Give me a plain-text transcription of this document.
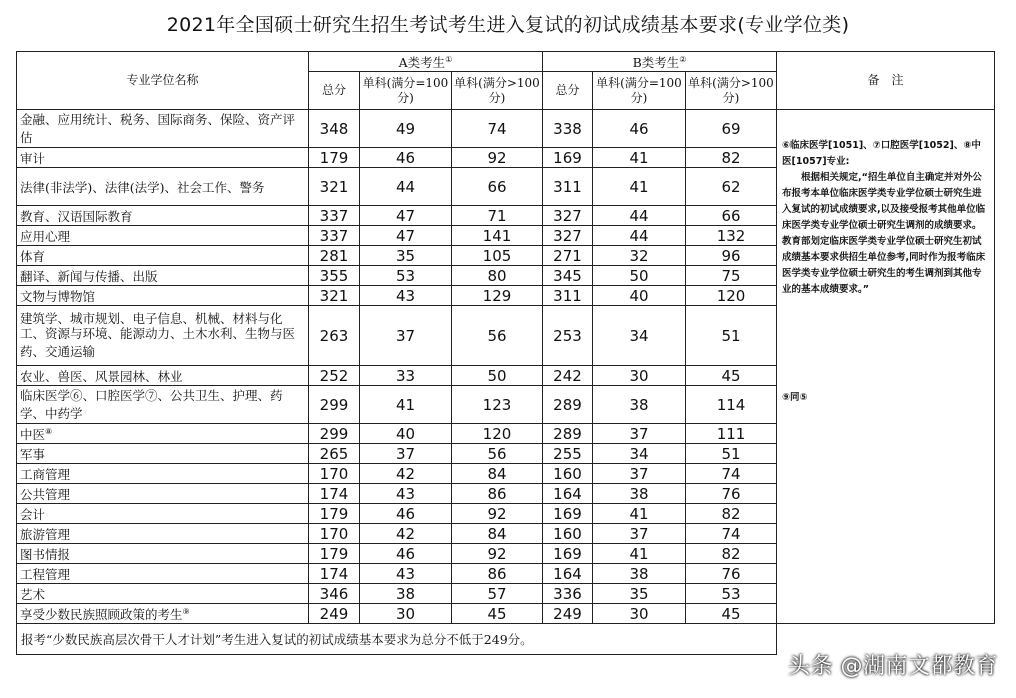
2021年全国硕士研究生招生考试考生进入复试的初试成绩基本要求(专业学位类)
专业学位名称	A类考生①			B类考生②			备　注
	总分	单科(满分=100分)	单科(满分>100分)	总分	单科(满分=100分)	单科(满分>100分)	
金融、应用统计、税务、国际商务、保险、资产评估	348	49	74	338	46	69	⑥临床医学[1051]、⑦口腔医学[1052]、⑧中医[1057]专业:

根据相关规定,“招生单位自主确定并对外公布报考本单位临床医学类专业学位硕士研究生进入复试的初试成绩要求,以及接受报考其他单位临床医学类专业学位硕士研究生调剂的成绩要求。教育部划定临床医学类专业学位硕士研究生初试成绩基本要求供招生单位参考,同时作为报考临床医学类专业学位硕士研究生的考生调剂到其他专业的基本成绩要求。”

⑨同⑤

审计	179	46	92	169	41	82	
法律(非法学)、法律(法学)、社会工作、警务	321	44	66	311	41	62	
教育、汉语国际教育	337	47	71	327	44	66	
应用心理	337	47	141	327	44	132	
体育	281	35	105	271	32	96	
翻译、新闻与传播、出版	355	53	80	345	50	75	
文物与博物馆	321	43	129	311	40	120	
建筑学、城市规划、电子信息、机械、材料与化工、资源与环境、能源动力、土木水利、生物与医药、交通运输	263	37	56	253	34	51	
农业、兽医、风景园林、林业	252	33	50	242	30	45	
临床医学⑥、口腔医学⑦、公共卫生、护理、药学、中药学	299	41	123	289	38	114	
中医⑧	299	40	120	289	37	111	
军事	265	37	56	255	34	51	
工商管理	170	42	84	160	37	74	
公共管理	174	43	86	164	38	76	
会计	179	46	92	169	41	82	
旅游管理	170	42	84	160	37	74	
图书情报	179	46	92	169	41	82	
工程管理	174	43	86	164	38	76	
艺术	346	38	57	336	35	53	
享受少数民族照顾政策的考生⑨	249	30	45	249	30	45	
报考“少数民族高层次骨干人才计划”考生进入复试的初试成绩基本要求为总分不低于249分。							
头条 @湖南文都教育
